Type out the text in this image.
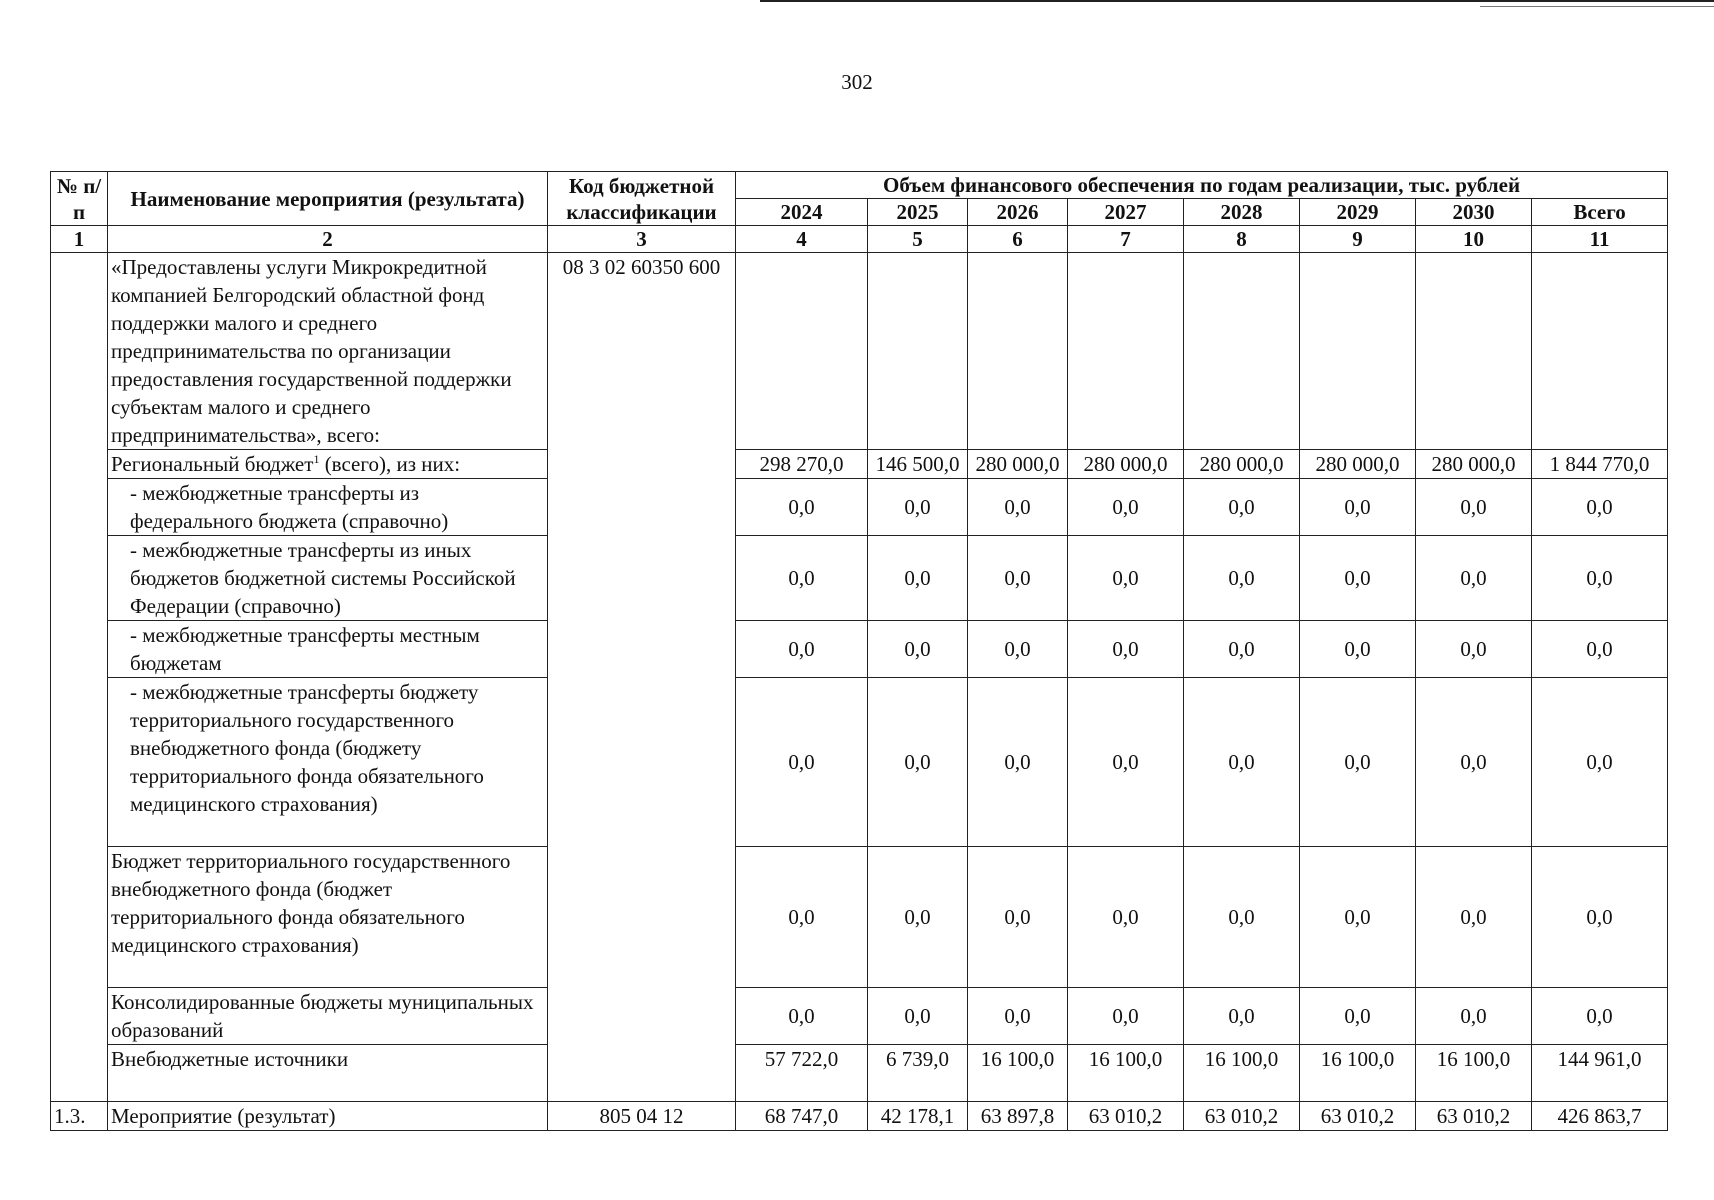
302
№ п/п	Наименование мероприятия (результата)	Код бюджетной классификации	Объем финансового обеспечения по годам реализации, тыс. рублей							
			2024	2025	2026	2027	2028	2029	2030	Всего
1	2	3	4	5	6	7	8	9	10	11
	«Предоставлены услуги Микрокредитной компанией Белгородский областной фонд поддержки малого и среднего предпринимательства по организации предоставления государственной поддержки субъектам малого и среднего предпринимательства», всего:	08 3 02 60350 600								
	Региональный бюджет$^1$ (всего), из них:		298 270,0	146 500,0	280 000,0	280 000,0	280 000,0	280 000,0	280 000,0	1 844 770,0
	- межбюджетные трансферты из федерального бюджета (справочно)		0,0	0,0	0,0	0,0	0,0	0,0	0,0	0,0
	- межбюджетные трансферты из иных бюджетов бюджетной системы Российской Федерации (справочно)		0,0	0,0	0,0	0,0	0,0	0,0	0,0	0,0
	- межбюджетные трансферты местным бюджетам		0,0	0,0	0,0	0,0	0,0	0,0	0,0	0,0
	- межбюджетные трансферты бюджету территориального государственного внебюджетного фонда (бюджету территориального фонда обязательного медицинского страхования)		0,0	0,0	0,0	0,0	0,0	0,0	0,0	0,0
	Бюджет территориального государственного внебюджетного фонда (бюджет территориального фонда обязательного медицинского страхования)		0,0	0,0	0,0	0,0	0,0	0,0	0,0	0,0
	Консолидированные бюджеты муниципальных образований		0,0	0,0	0,0	0,0	0,0	0,0	0,0	0,0
	Внебюджетные источники		57 722,0	6 739,0	16 100,0	16 100,0	16 100,0	16 100,0	16 100,0	144 961,0
1.3.	Мероприятие (результат)	805 04 12	68 747,0	42 178,1	63 897,8	63 010,2	63 010,2	63 010,2	63 010,2	426 863,7
